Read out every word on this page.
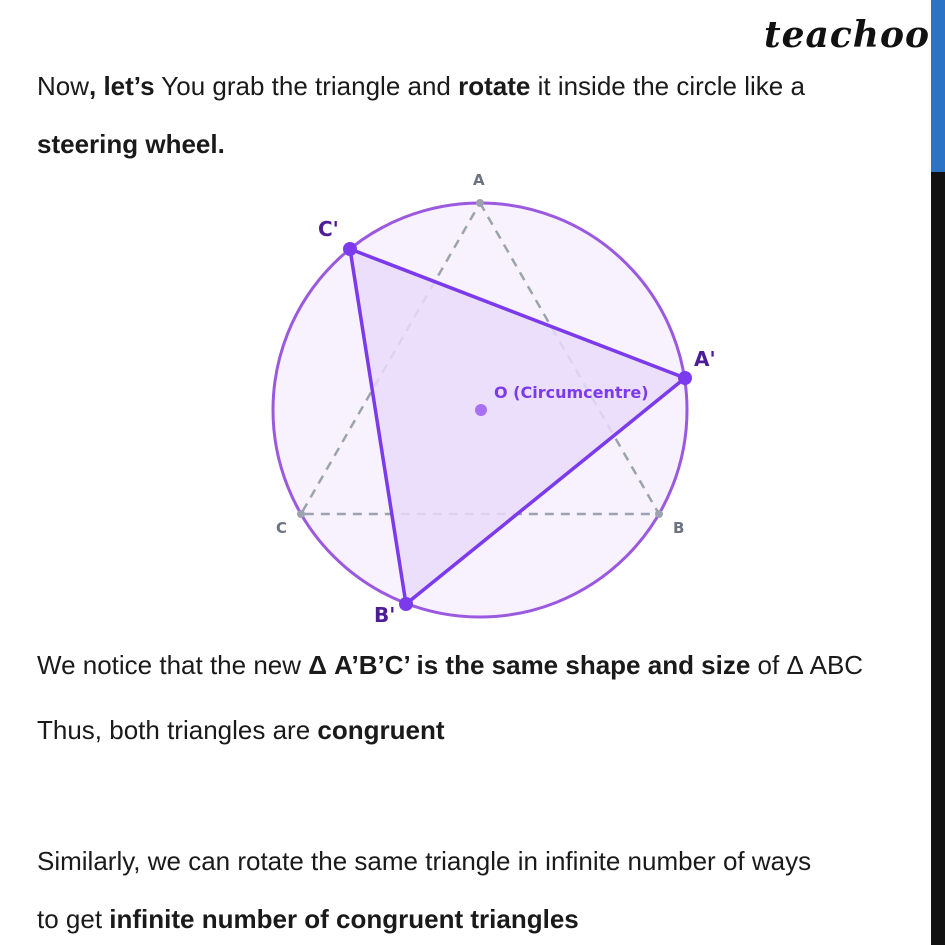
teachoo
Now, let’s You grab the triangle and rotate it inside the circle like a
steering wheel.
A
B
C
A'
B'
C'
O (Circumcentre)
We notice that the new Δ A’B’C’ is the same shape and size of Δ ABC
Thus, both triangles are congruent
Similarly, we can rotate the same triangle in infinite number of ways
to get infinite number of congruent triangles
